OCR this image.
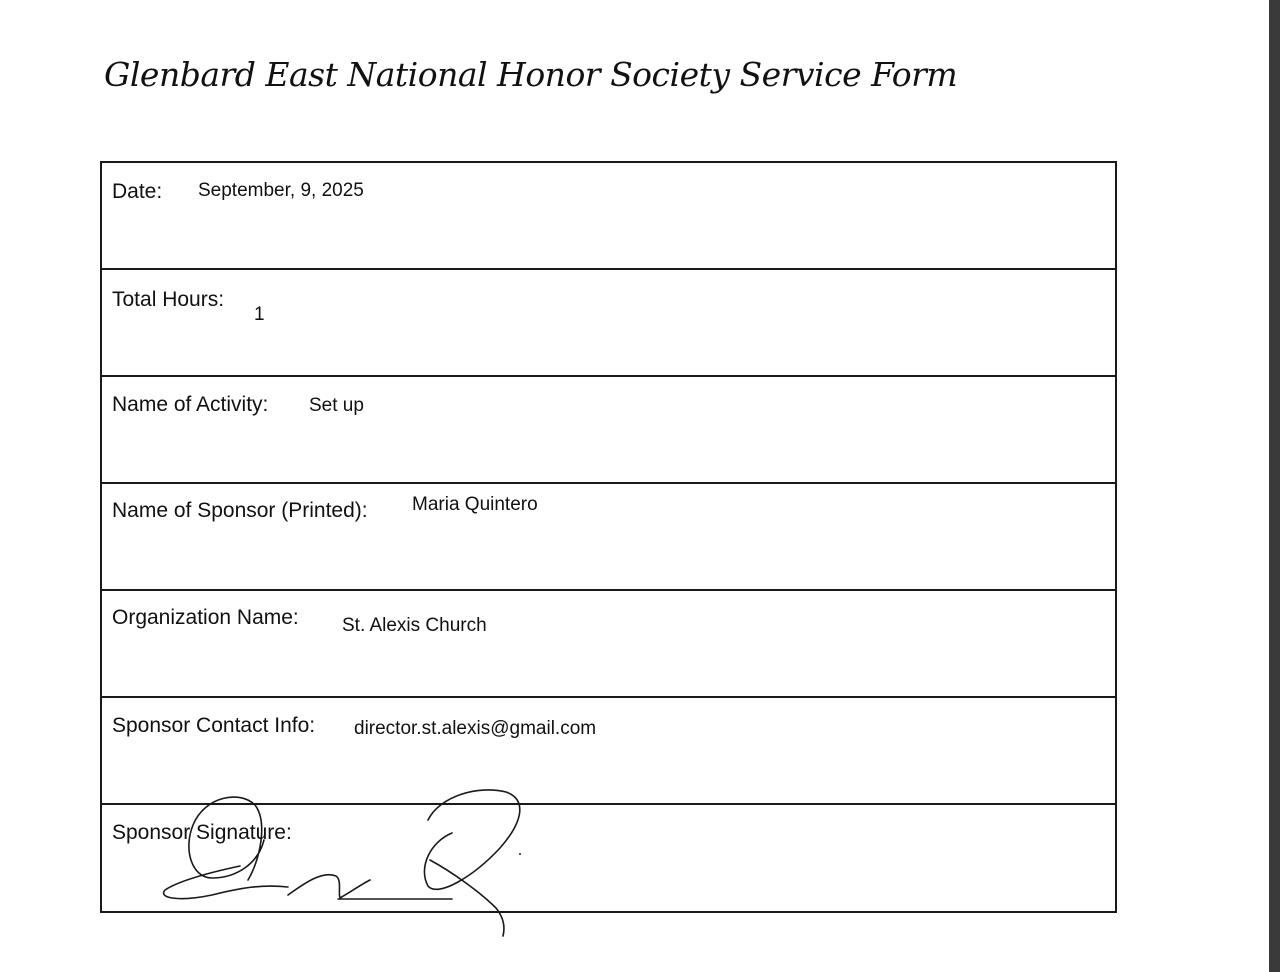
Glenbard East National Honor Society Service Form
Date: September, 9, 2025
Total Hours:
1
Name of Activity: Set up
Name of Sponsor (Printed): Maria Quintero
Organization Name: St. Alexis Church
Sponsor Contact Info: director.st.alexis@gmail.com
Sponsor Signature:
